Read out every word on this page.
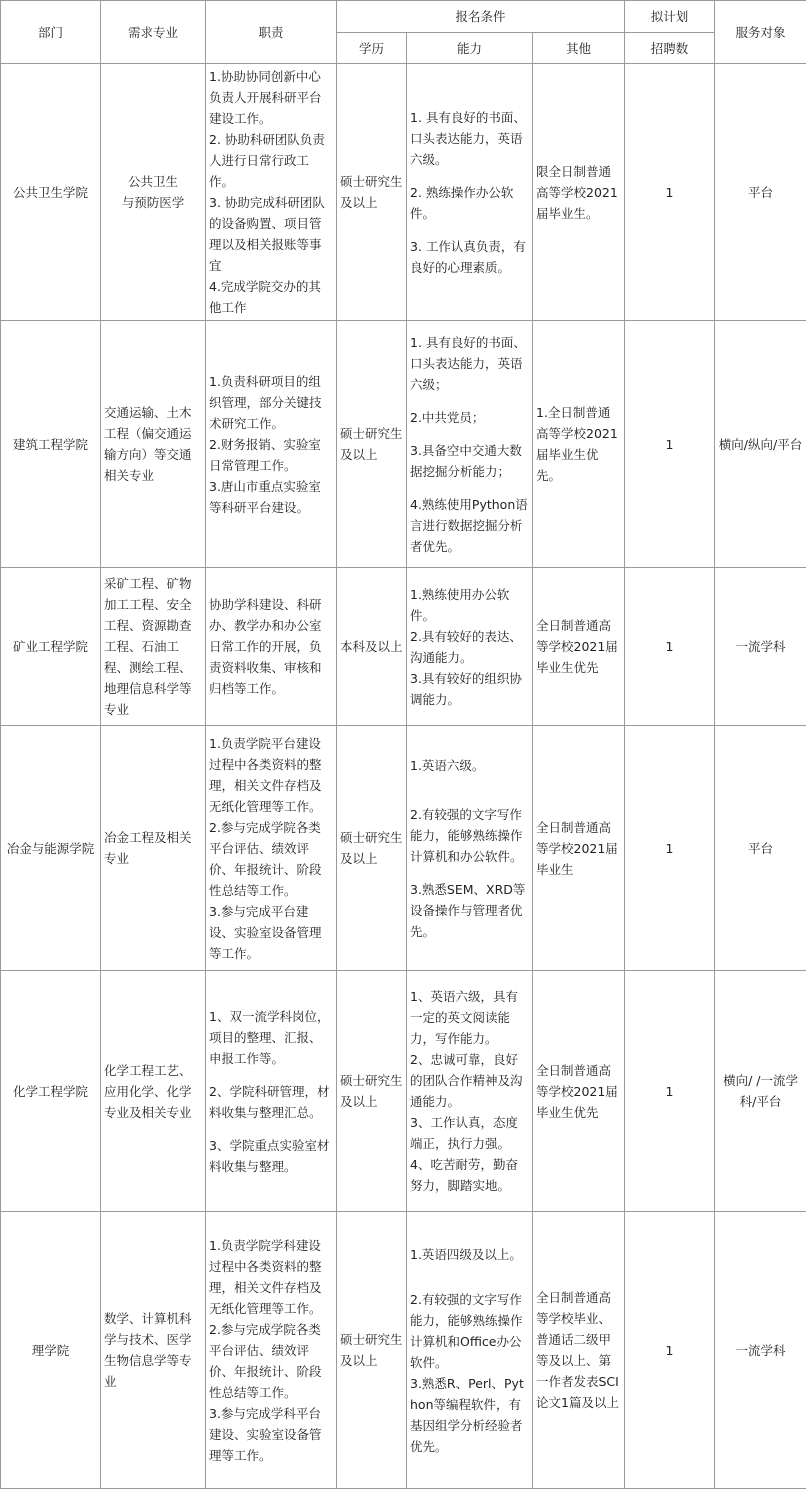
部门	需求专业	职责	报名条件			拟计划	服务对象
			学历	能力	其他	招聘数	
公共卫生学院	公共卫生
与预防医学	1.协助协同创新中心负责人开展科研平台建设工作。
2. 协助科研团队负责人进行日常行政工作。
3. 协助完成科研团队的设备购置、项目管理以及相关报账等事宜
4.完成学院交办的其他工作	硕士研究生及以上	1. 具有良好的书面、口头表达能力，英语六级。
2. 熟练操作办公软件。
3. 工作认真负责，有良好的心理素质。	限全日制普通高等学校2021届毕业生。	1	平台
建筑工程学院	交通运输、土木工程（偏交通运输方向）等交通相关专业	1.负责科研项目的组织管理，部分关键技术研究工作。
2.财务报销、实验室日常管理工作。
3.唐山市重点实验室等科研平台建设。	硕士研究生及以上	1. 具有良好的书面、口头表达能力，英语六级；
2.中共党员；
3.具备空中交通大数据挖掘分析能力；
4.熟练使用Python语言进行数据挖掘分析者优先。	1.全日制普通高等学校2021届毕业生优先。	1	横向/纵向/平台
矿业工程学院	采矿工程、矿物加工工程、安全工程、资源勘查工程、石油工程、测绘工程、地理信息科学等专业	协助学科建设、科研办、教学办和办公室日常工作的开展，负责资料收集、审核和归档等工作。	本科及以上	1.熟练使用办公软件。
2.具有较好的表达、沟通能力。
3.具有较好的组织协调能力。	全日制普通高等学校2021届毕业生优先	1	一流学科
冶金与能源学院	冶金工程及相关专业	1.负责学院平台建设过程中各类资料的整理，相关文件存档及无纸化管理等工作。
2.参与完成学院各类平台评估、绩效评价、年报统计、阶段性总结等工作。
3.参与完成平台建设、实验室设备管理等工作。	硕士研究生及以上	1.英语六级。
2.有较强的文字写作能力，能够熟练操作计算机和办公软件。
3.熟悉SEM、XRD等设备操作与管理者优先。	全日制普通高等学校2021届毕业生	1	平台
化学工程学院	化学工程工艺、应用化学、化学专业及相关专业	1、双一流学科岗位，项目的整理、汇报、申报工作等。
2、学院科研管理，材料收集与整理汇总。
3、学院重点实验室材料收集与整理。	硕士研究生及以上	1、英语六级，具有一定的英文阅读能力，写作能力。
2、忠诚可靠，良好的团队合作精神及沟通能力。
3、工作认真，态度端正，执行力强。
4、吃苦耐劳，勤奋努力，脚踏实地。	全日制普通高等学校2021届毕业生优先	1	横向/ /一流学科/平台
理学院	数学、计算机科学与技术、医学生物信息学等专业	1.负责学院学科建设过程中各类资料的整理，相关文件存档及无纸化管理等工作。
2.参与完成学院各类平台评估、绩效评价、年报统计、阶段性总结等工作。
3.参与完成学科平台建设、实验室设备管理等工作。	硕士研究生及以上	1.英语四级及以上。
2.有较强的文字写作能力，能够熟练操作计算机和Office办公软件。
3.熟悉R、Perl、Python等编程软件，有基因组学分析经验者优先。	全日制普通高等学校毕业、普通话二级甲等及以上、第一作者发表SCI论文1篇及以上	1	一流学科
